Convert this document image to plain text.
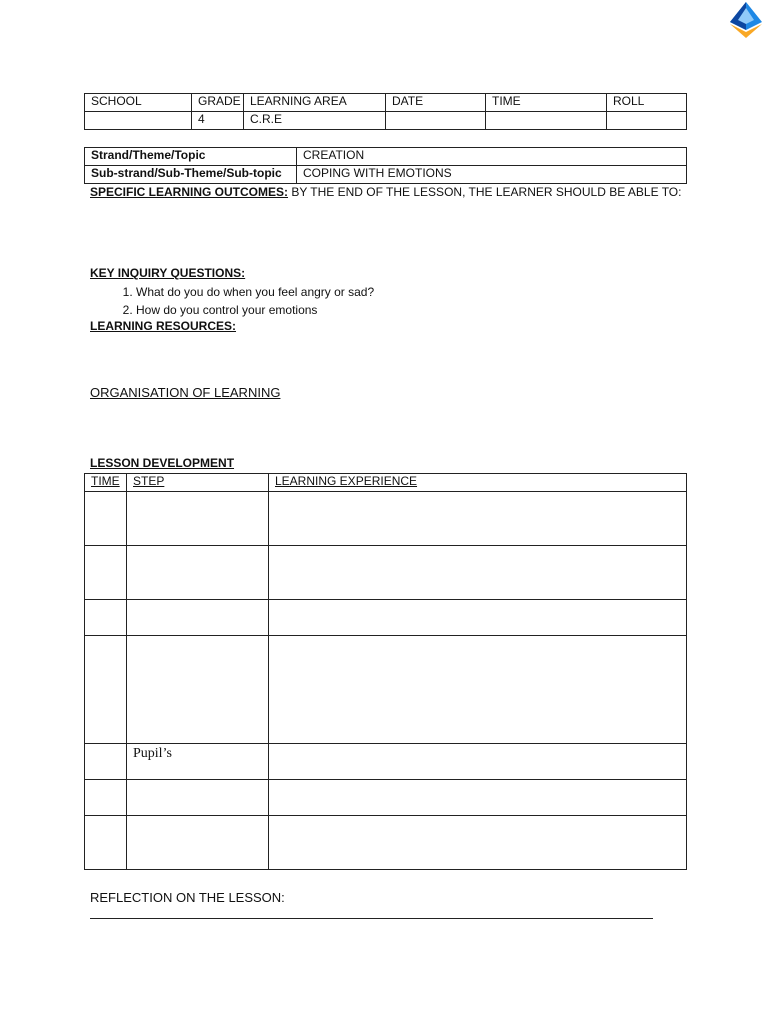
SCHOOL	GRADE	LEARNING AREA	DATE	TIME	ROLL
	4	C.R.E			
Strand/Theme/Topic	CREATION
Sub-strand/Sub-Theme/Sub-topic	COPING WITH EMOTIONS
SPECIFIC LEARNING OUTCOMES: BY THE END OF THE LESSON, THE LEARNER SHOULD BE ABLE TO:
KEY INQUIRY QUESTIONS:
1. What do you do when you feel angry or sad?
2. How do you control your emotions
LEARNING RESOURCES:
ORGANISATION OF LEARNING
LESSON DEVELOPMENT
TIME	STEP	LEARNING EXPERIENCE

	Pupil’s	

REFLECTION ON THE LESSON:
